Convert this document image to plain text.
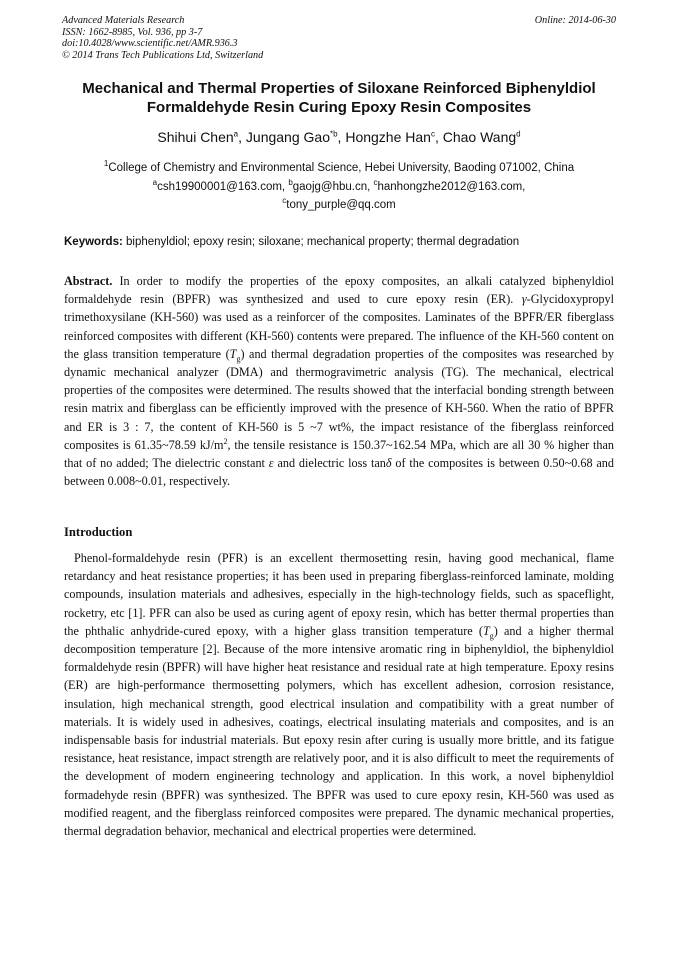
Advanced Materials Research
ISSN: 1662-8985, Vol. 936, pp 3-7
doi:10.4028/www.scientific.net/AMR.936.3
© 2014 Trans Tech Publications Ltd, Switzerland
Online: 2014-06-30
Mechanical and Thermal Properties of Siloxane Reinforced Biphenyldiol Formaldehyde Resin Curing Epoxy Resin Composites
Shihui Chen$^a$, Jungang Gao$^{*b}$, Hongzhe Han$^c$, Chao Wang$^d$
$^1$College of Chemistry and Environmental Science, Hebei University, Baoding 071002, China
$^a$csh19900001@163.com, $^b$gaojg@hbu.cn, $^c$hanhongzhe2012@163.com,
$^c$tony_purple@qq.com
Keywords: biphenyldiol; epoxy resin; siloxane; mechanical property; thermal degradation
Abstract. In order to modify the properties of the epoxy composites, an alkali catalyzed biphenyldiol formaldehyde resin (BPFR) was synthesized and used to cure epoxy resin (ER). γ-Glycidoxypropyl trimethoxysilane (KH-560) was used as a reinforcer of the composites. Laminates of the BPFR/ER fiberglass reinforced composites with different (KH-560) contents were prepared. The influence of the KH-560 content on the glass transition temperature $(T_g)$ and thermal degradation properties of the composites was researched by dynamic mechanical analyzer (DMA) and thermogravimetric analysis (TG). The mechanical, electrical properties of the composites were determined. The results showed that the interfacial bonding strength between resin matrix and fiberglass can be efficiently improved with the presence of KH-560. When the ratio of BPFR and ER is 3 : 7, the content of KH-560 is 5 ~7 wt%, the impact resistance of the fiberglass reinforced composites is 61.35~78.59 $kJ/m^2$, the tensile resistance is 150.37~162.54 MPa, which are all 30 % higher than that of no added; The dielectric constant ε and dielectric loss tanδ of the composites is between 0.50~0.68 and between 0.008~0.01, respectively.
Introduction
Phenol-formaldehyde resin (PFR) is an excellent thermosetting resin, having good mechanical, flame retardancy and heat resistance properties; it has been used in preparing fiberglass-reinforced laminate, molding compounds, insulation materials and adhesives, especially in the high-technology fields, such as spaceflight, rocketry, etc [1]. PFR can also be used as curing agent of epoxy resin, which has better thermal properties than the phthalic anhydride-cured epoxy, with a higher glass transition temperature $(T_g)$ and a higher thermal decomposition temperature [2]. Because of the more intensive aromatic ring in biphenyldiol, the biphenyldiol formaldehyde resin (BPFR) will have higher heat resistance and residual rate at high temperature. Epoxy resins (ER) are high-performance thermosetting polymers, which has excellent adhesion, corrosion resistance, insulation, high mechanical strength, good electrical insulation and compatibility with a great number of materials. It is widely used in adhesives, coatings, electrical insulating materials and composites, and is an indispensable basis for industrial materials. But epoxy resin after curing is usually more brittle, and its fatigue resistance, heat resistance, impact strength are relatively poor, and it is also difficult to meet the requirements of the development of modern engineering technology and application. In this work, a novel biphenyldiol formadehyde resin (BPFR) was synthesized. The BPFR was used to cure epoxy resin, KH-560 was used as modified reagent, and the fiberglass reinforced composites were prepared. The dynamic mechanical properties, thermal degradation behavior, mechanical and electrical properties were determined.
